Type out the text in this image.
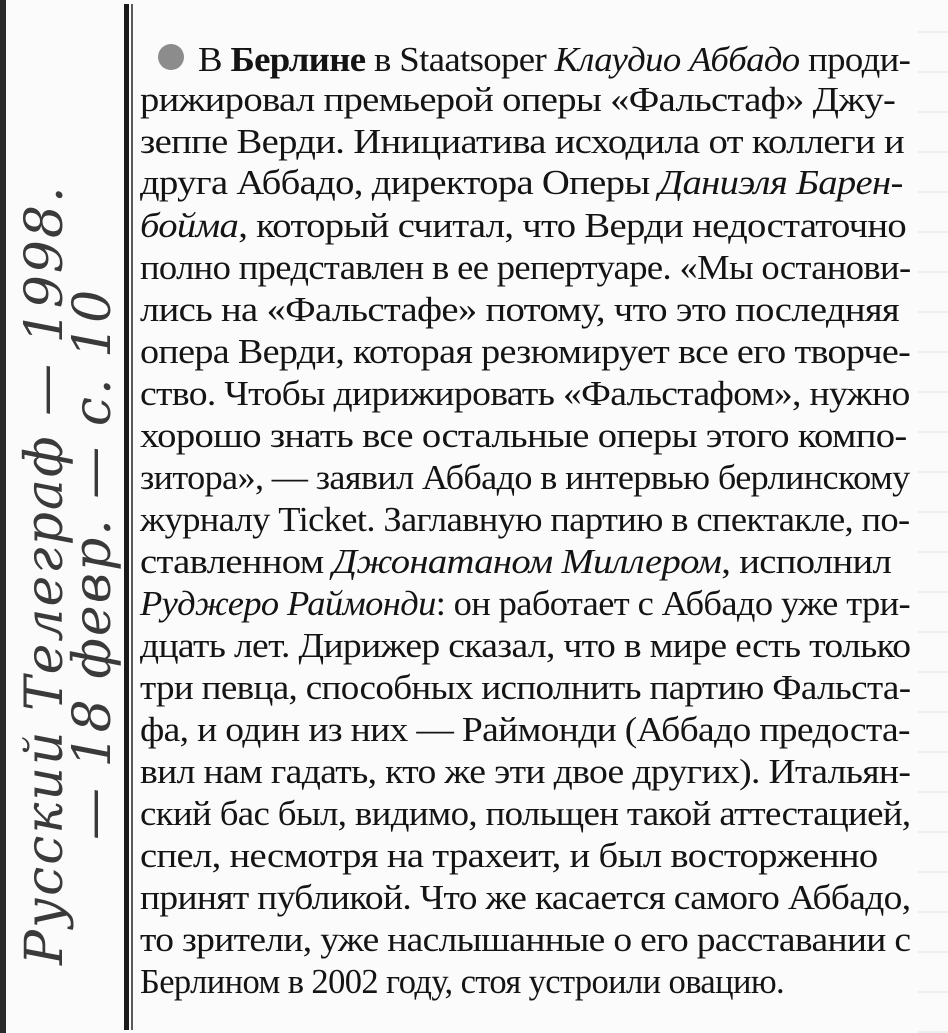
Русский Телеграф — 1998.
— 18 февр. — с. 10
В Берлине в Staatsoper Клаудио Аббадо проди-
рижировал премьерой оперы «Фальстаф» Джу-
зеппе Верди. Инициатива исходила от коллеги и
друга Аббадо, директора Оперы Даниэля Барен-
бойма, который считал, что Верди недостаточно
полно представлен в ее репертуаре. «Мы останови-
лись на «Фальстафе» потому, что это последняя
опера Верди, которая резюмирует все его творче-
ство. Чтобы дирижировать «Фальстафом», нужно
хорошо знать все остальные оперы этого компо-
зитора», — заявил Аббадо в интервью берлинскому
журналу Ticket. Заглавную партию в спектакле, по-
ставленном Джонатаном Миллером, исполнил
Руджеро Раймонди: он работает с Аббадо уже три-
дцать лет. Дирижер сказал, что в мире есть только
три певца, способных исполнить партию Фальста-
фа, и один из них — Раймонди (Аббадо предоста-
вил нам гадать, кто же эти двое других). Итальян-
ский бас был, видимо, польщен такой аттестацией,
спел, несмотря на трахеит, и был восторженно
принят публикой. Что же касается самого Аббадо,
то зрители, уже наслышанные о его расставании с
Берлином в 2002 году, стоя устроили овацию.
